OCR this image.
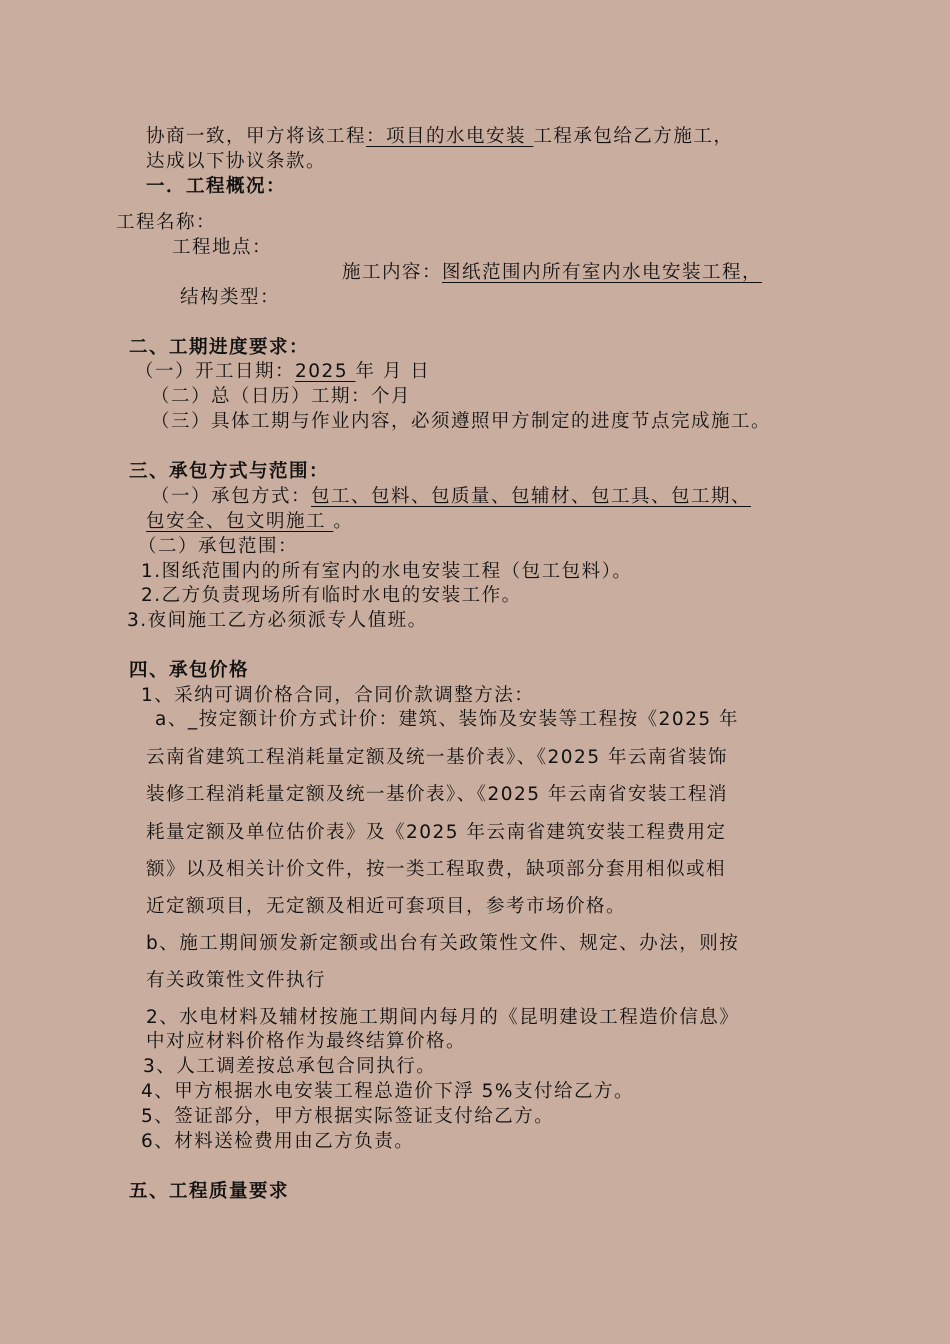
协商一致，甲方将该工程：项目的水电安装 工程承包给乙方施工，
达成以下协议条款。
一．工程概况：
工程名称：
工程地点：
施工内容：图纸范围内所有室内水电安装工程，
结构类型：
二、工期进度要求：
（一）开工日期：2025 年 月 日
（二）总（日历）工期：个月
（三）具体工期与作业内容，必须遵照甲方制定的进度节点完成施工。
三、承包方式与范围：
（一）承包方式：包工、包料、包质量、包辅材、包工具、包工期、
包安全、包文明施工 。
（二）承包范围：
1.图纸范围内的所有室内的水电安装工程（包工包料）。
2.乙方负责现场所有临时水电的安装工作。
3.夜间施工乙方必须派专人值班。
四、承包价格
1、采纳可调价格合同，合同价款调整方法：
a、_按定额计价方式计价：建筑、装饰及安装等工程按《2025 年
云南省建筑工程消耗量定额及统一基价表》、《2025 年云南省装饰
装修工程消耗量定额及统一基价表》、《2025 年云南省安装工程消
耗量定额及单位估价表》及《2025 年云南省建筑安装工程费用定
额》以及相关计价文件，按一类工程取费，缺项部分套用相似或相
近定额项目，无定额及相近可套项目，参考市场价格。
b、施工期间颁发新定额或出台有关政策性文件、规定、办法，则按
有关政策性文件执行
2、水电材料及辅材按施工期间内每月的《昆明建设工程造价信息》
中对应材料价格作为最终结算价格。
3、人工调差按总承包合同执行。
4、甲方根据水电安装工程总造价下浮 5%支付给乙方。
5、签证部分，甲方根据实际签证支付给乙方。
6、材料送检费用由乙方负责。
五、工程质量要求
